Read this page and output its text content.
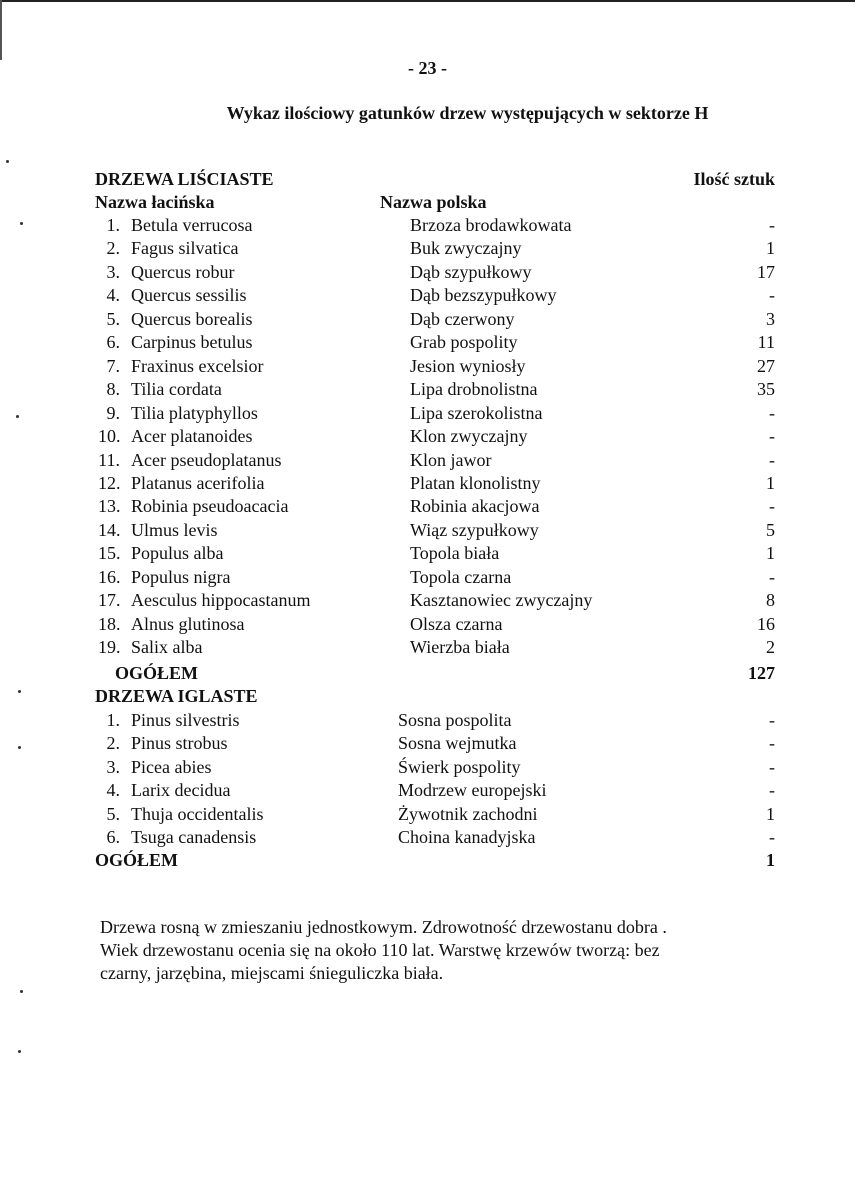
- 23 -
Wykaz ilościowy gatunków drzew występujących w sektorze H
DRZEWA LIŚCIASTE	Ilość sztuk
Nazwa łacińska	Nazwa polska
1. Betula verrucosa	Brzoza brodawkowata	-
2. Fagus silvatica	Buk zwyczajny	1
3. Quercus robur	Dąb szypułkowy	17
4. Quercus sessilis	Dąb bezszypułkowy	-
5. Quercus borealis	Dąb czerwony	3
6. Carpinus betulus	Grab pospolity	11
7. Fraxinus excelsior	Jesion wyniosły	27
8. Tilia cordata	Lipa drobnolistna	35
9. Tilia platyphyllos	Lipa szerokolistna	-
10. Acer platanoides	Klon zwyczajny	-
11. Acer pseudoplatanus	Klon jawor	-
12. Platanus acerifolia	Platan klonolistny	1
13. Robinia pseudoacacia	Robinia akacjowa	-
14. Ulmus levis	Wiąz szypułkowy	5
15. Populus alba	Topola biała	1
16. Populus nigra	Topola czarna	-
17. Aesculus hippocastanum	Kasztanowiec zwyczajny	8
18. Alnus glutinosa	Olsza czarna	16
19. Salix alba	Wierzba biała	2
OGÓŁEM	127
DRZEWA IGLASTE
1. Pinus silvestris	Sosna pospolita	-
2. Pinus strobus	Sosna wejmutka	-
3. Picea abies	Świerk pospolity	-
4. Larix decidua	Modrzew europejski	-
5. Thuja occidentalis	Żywotnik zachodni	1
6. Tsuga canadensis	Choina kanadyjska	-
OGÓŁEM	1

Drzewa rosną w zmieszaniu jednostkowym. Zdrowotność drzewostanu dobra .

Wiek drzewostanu ocenia się na około 110 lat. Warstwę krzewów tworzą: bez

czarny, jarzębina, miejscami śnieguliczka biała.
